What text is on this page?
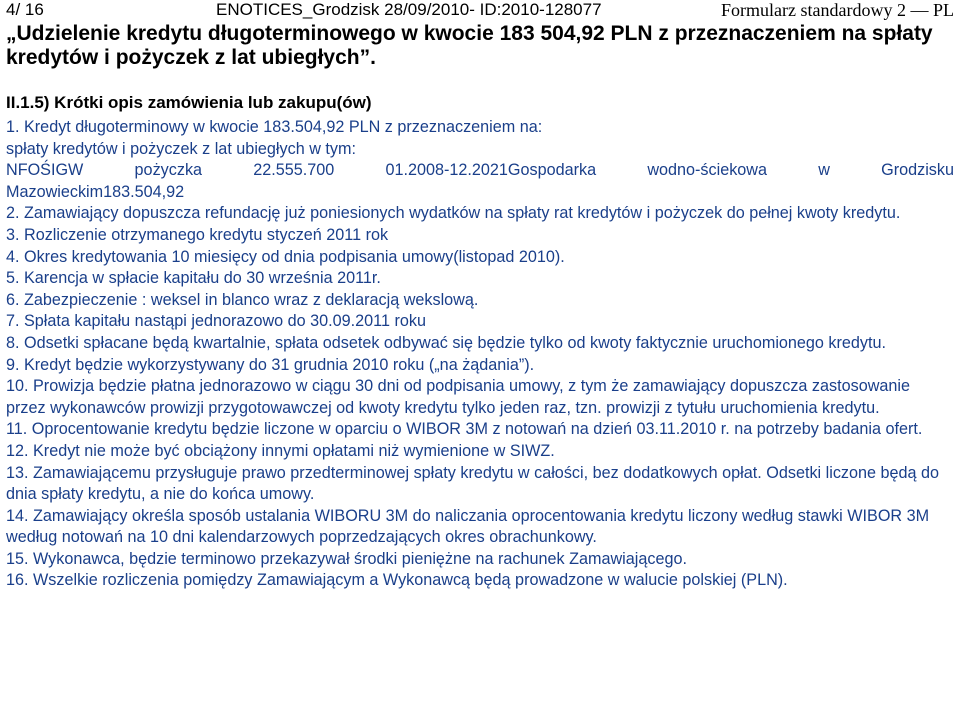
4/ 16	ENOTICES_Grodzisk 28/09/2010- ID:2010-128077	Formularz standardowy 2 — PL
„Udzielenie kredytu długoterminowego w kwocie 183 504,92 PLN z przeznaczeniem na spłaty kredytów i pożyczek z lat ubiegłych”.
II.1.5) Krótki opis zamówienia lub zakupu(ów)

1. Kredyt długoterminowy w kwocie 183.504,92 PLN z przeznaczeniem na:

spłaty kredytów i pożyczek z lat ubiegłych w tym:

NFOŚIGW pożyczka 22.555.700 01.2008-12.2021Gospodarka wodno-ściekowa w Grodzisku

Mazowieckim183.504,92

2. Zamawiający dopuszcza refundację już poniesionych wydatków na spłaty rat kredytów i pożyczek do pełnej kwoty kredytu.

3. Rozliczenie otrzymanego kredytu styczeń 2011 rok

4. Okres kredytowania 10 miesięcy od dnia podpisania umowy(listopad 2010).

5. Karencja w spłacie kapitału do 30 września 2011r.

6. Zabezpieczenie : weksel in blanco wraz z deklaracją wekslową.

7. Spłata kapitału nastąpi jednorazowo do 30.09.2011 roku

8. Odsetki spłacane będą kwartalnie, spłata odsetek odbywać się będzie tylko od kwoty faktycznie uruchomionego kredytu.

9. Kredyt będzie wykorzystywany do 31 grudnia 2010 roku („na żądania”).

10. Prowizja będzie płatna jednorazowo w ciągu 30 dni od podpisania umowy, z tym że zamawiający dopuszcza zastosowanie przez wykonawców prowizji przygotowawczej od kwoty kredytu tylko jeden raz, tzn. prowizji z tytułu uruchomienia kredytu.

11. Oprocentowanie kredytu będzie liczone w oparciu o WIBOR 3M z notowań na dzień 03.11.2010 r. na potrzeby badania ofert.

12. Kredyt nie może być obciążony innymi opłatami niż wymienione w SIWZ.

13. Zamawiającemu przysługuje prawo przedterminowej spłaty kredytu w całości, bez dodatkowych opłat. Odsetki liczone będą do dnia spłaty kredytu, a nie do końca umowy.

14. Zamawiający określa sposób ustalania WIBORU 3M do naliczania oprocentowania kredytu liczony według stawki WIBOR 3M według notowań na 10 dni kalendarzowych poprzedzających okres obrachunkowy.

15. Wykonawca, będzie terminowo przekazywał środki pieniężne na rachunek Zamawiającego.

16. Wszelkie rozliczenia pomiędzy Zamawiającym a Wykonawcą będą prowadzone w walucie polskiej (PLN).
